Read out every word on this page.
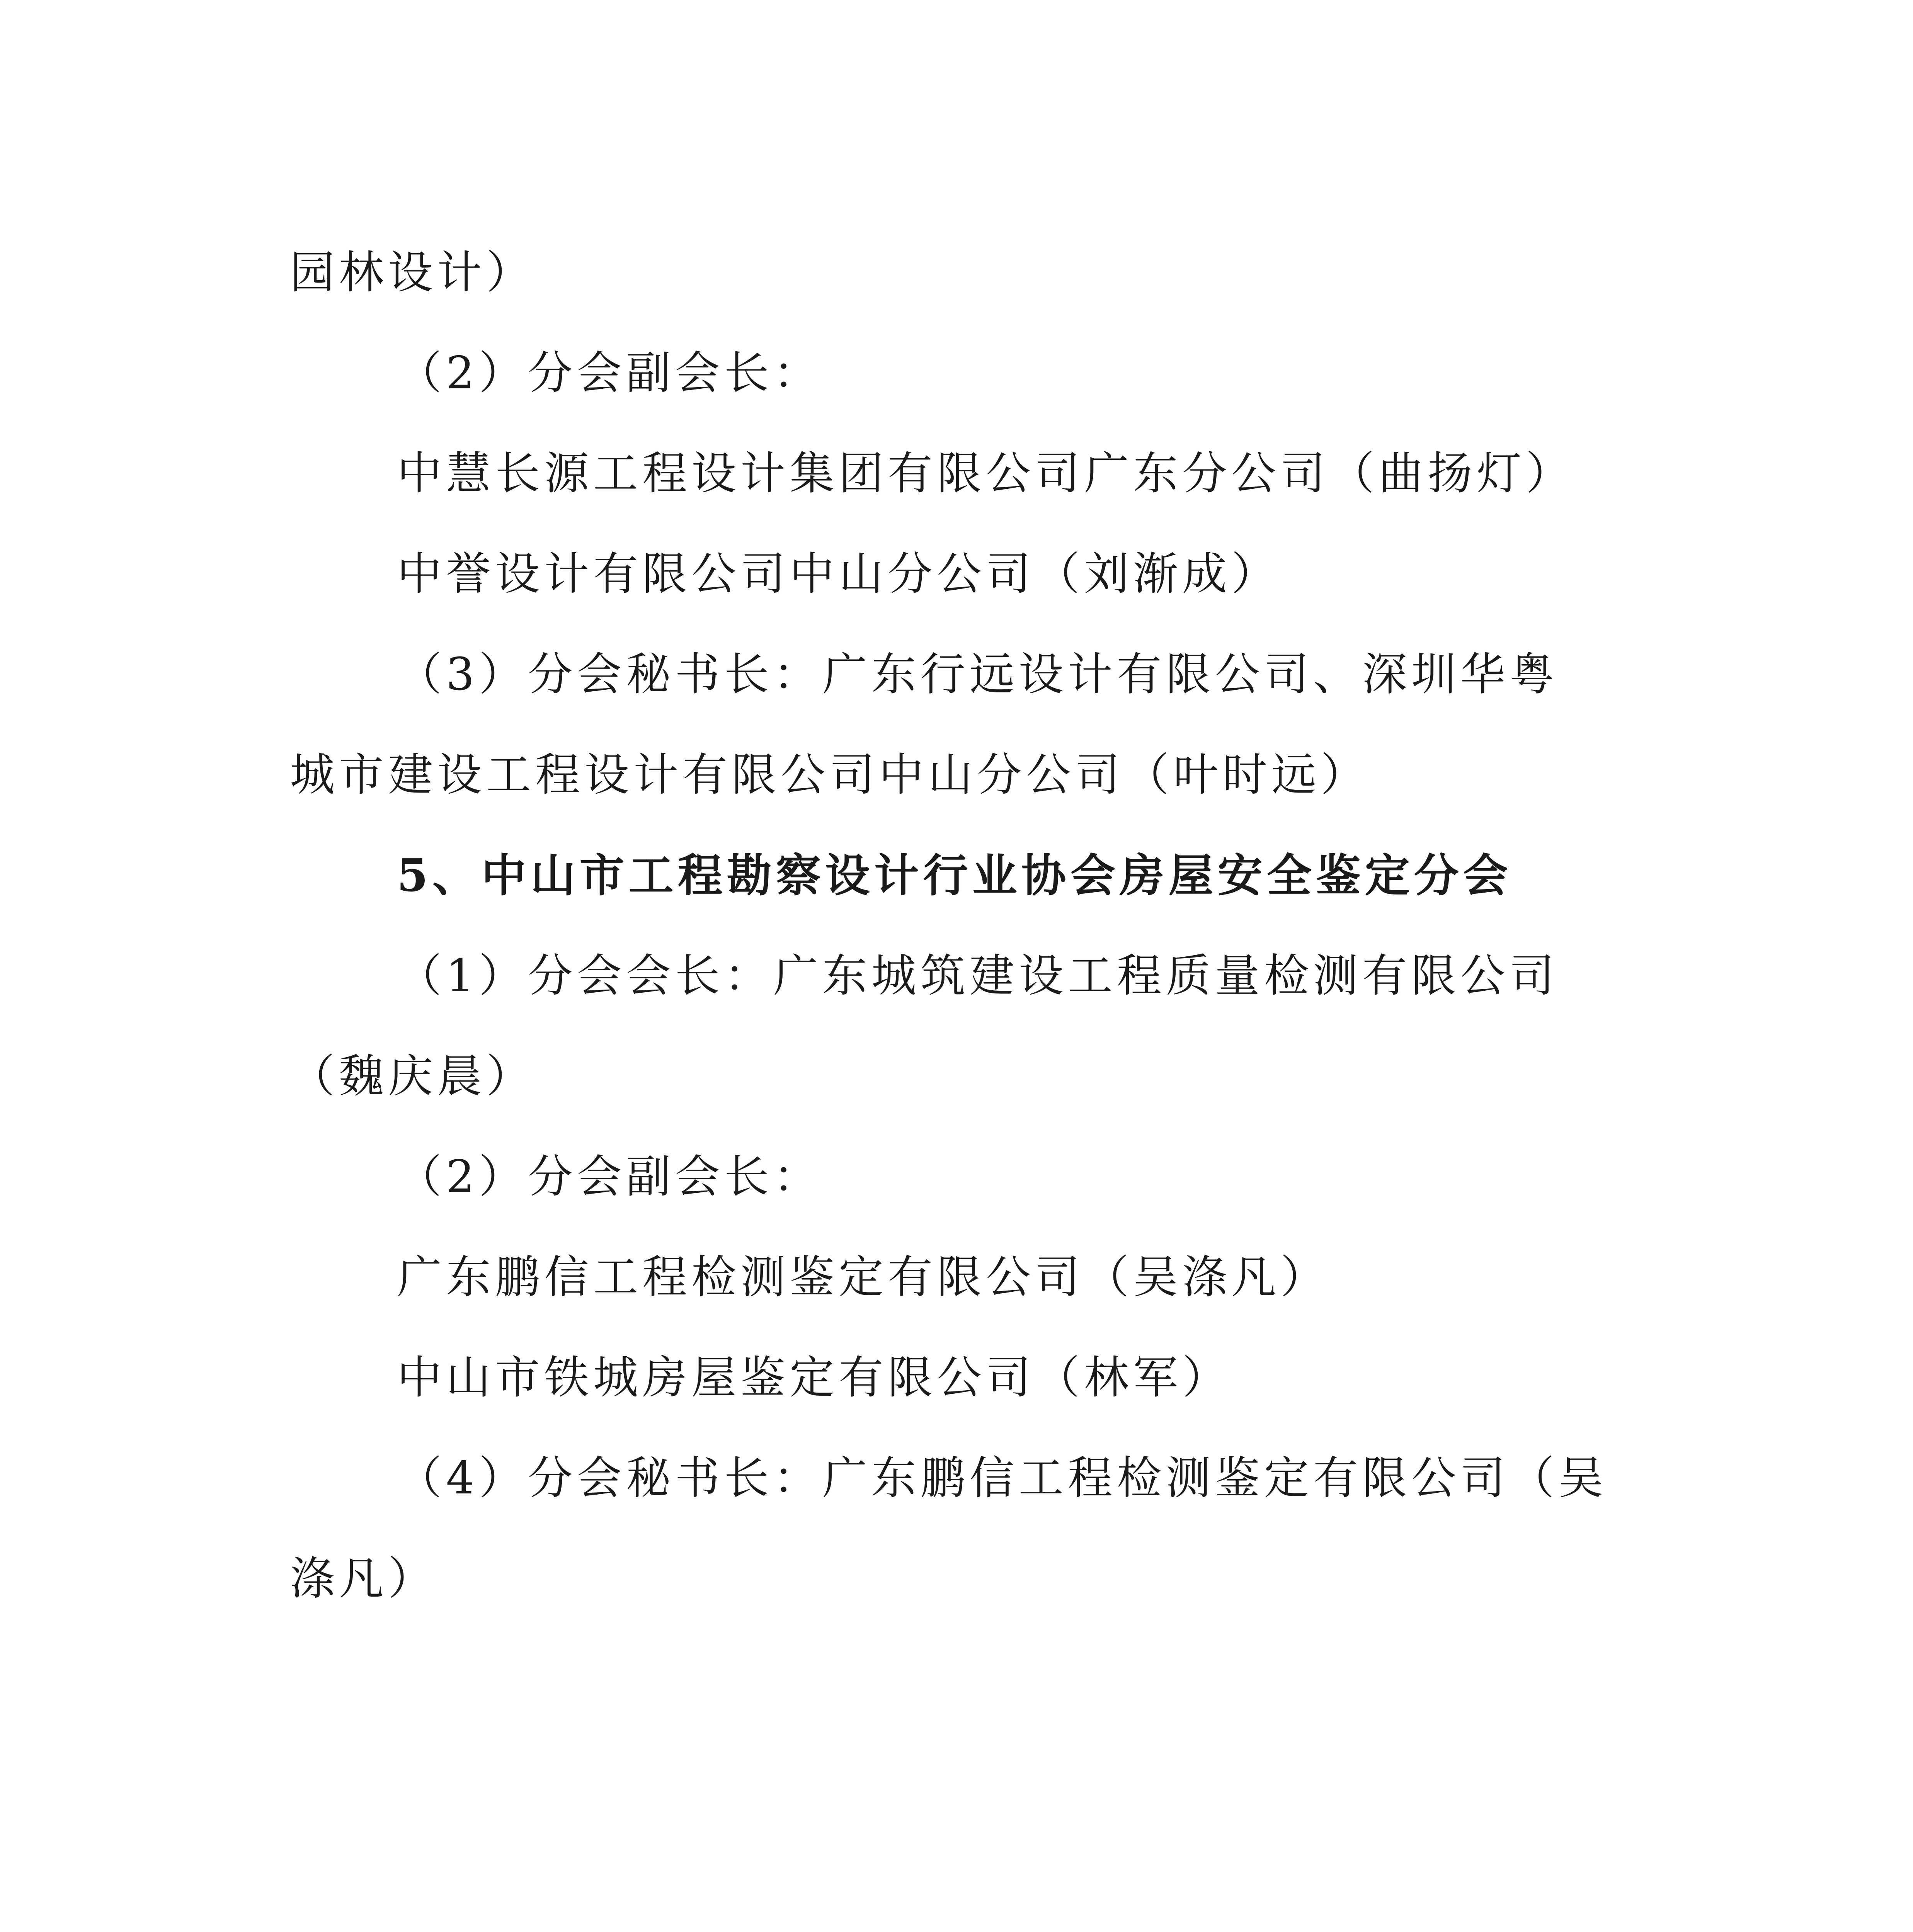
园林设计）
（2）分会副会长：
中慧长源工程设计集团有限公司广东分公司（曲扬灯）
中誉设计有限公司中山分公司（刘渐成）
（3）分会秘书长：广东行远设计有限公司、深圳华粤
城市建设工程设计有限公司中山分公司（叶时远）
5、中山市工程勘察设计行业协会房屋安全鉴定分会
（1）分会会长：广东城筑建设工程质量检测有限公司
（魏庆晨）
（2）分会副会长：
广东鹏信工程检测鉴定有限公司（吴涤凡）
中山市铁城房屋鉴定有限公司（林军）
（4）分会秘书长：广东鹏信工程检测鉴定有限公司（吴
涤凡）
